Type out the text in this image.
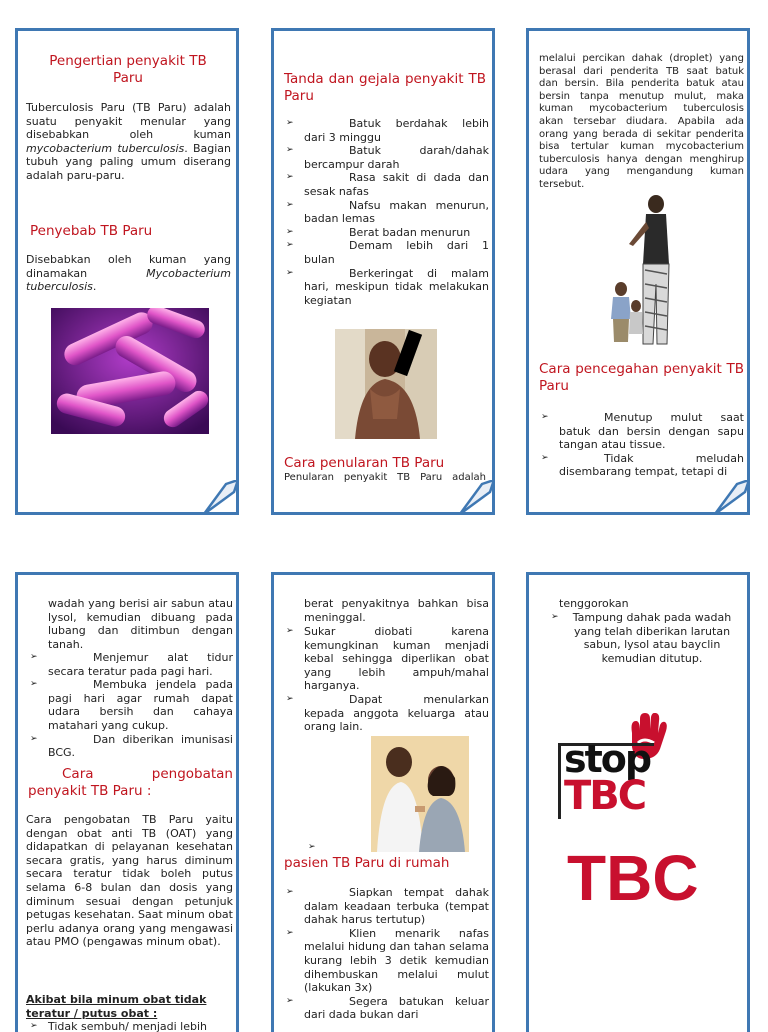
Pengertian penyakit TB Paru

Tuberculosis Paru (TB Paru) adalah suatu penyakit menular yang disebabkan oleh kuman mycobacterium tuberculosis. Bagian tubuh yang paling umum diserang adalah paru-paru.

Penyebab TB Paru

Disebabkan oleh kuman yang dinamakan Mycobacterium tuberculosis.

Tanda dan gejala penyakit TB Paru

➢	Batuk berdahak lebih dari 3 minggu
➢	Batuk darah/dahak bercampur darah
➢	Rasa sakit di dada dan sesak nafas
➢	Nafsu makan menurun, badan lemas
➢	Berat badan menurun
➢	Demam lebih dari 1 bulan
➢	Berkeringat di malam hari, meskipun tidak melakukan kegiatan

Cara penularan TB Paru

Penularan penyakit TB Paru adalah

melalui percikan dahak (droplet) yang berasal dari penderita TB saat batuk dan bersin. Bila penderita batuk atau bersin tanpa menutup mulut, maka kuman mycobacterium tuberculosis akan tersebar diudara. Apabila ada orang yang berada di sekitar penderita bisa tertular kuman mycobacterium tuberculosis hanya dengan menghirup udara yang mengandung kuman tersebut.

Cara pencegahan penyakit TB Paru

➢	Menutup mulut saat batuk dan bersin dengan sapu tangan atau tissue.
➢	Tidak meludah disembarang tempat, tetapi di

wadah yang berisi air sabun atau lysol, kemudian dibuang pada lubang dan ditimbun dengan tanah.

➢	Menjemur alat tidur secara teratur pada pagi hari.
➢	Membuka jendela pada pagi hari agar rumah dapat udara bersih dan cahaya matahari yang cukup.
➢	Dan diberikan imunisasi BCG.

Cara pengobatan penyakit TB Paru :

Cara pengobatan TB Paru yaitu dengan obat anti TB (OAT) yang didapatkan di pelayanan kesehatan secara gratis, yang harus diminum secara teratur tidak boleh putus selama 6-8 bulan dan dosis yang diminum sesuai dengan petunjuk petugas kesehatan. Saat minum obat perlu adanya orang yang mengawasi atau PMO (pengawas minum obat).

Akibat bila minum obat tidak teratur / putus obat :

➢ Tidak sembuh/ menjadi lebih

berat penyakitnya bahkan bisa meninggal.

➢ Sukar diobati karena kemungkinan kuman menjadi kebal sehingga diperlikan obat yang lebih ampuh/mahal harganya.
➢	Dapat menularkan kepada anggota keluarga atau orang lain.
➢

pasien TB Paru di rumah

➢	Siapkan tempat dahak dalam keadaan terbuka (tempat dahak harus tertutup)
➢	Klien menarik nafas melalui hidung dan tahan selama kurang lebih 3 detik kemudian dihembuskan melalui mulut (lakukan 3x)
➢	Segera batukan keluar dari dada bukan dari

tenggorokan

➢ Tampung dahak pada wadah yang telah diberikan larutan sabun, lysol atau bayclin kemudian ditutup.
stop
TBC
TBC
